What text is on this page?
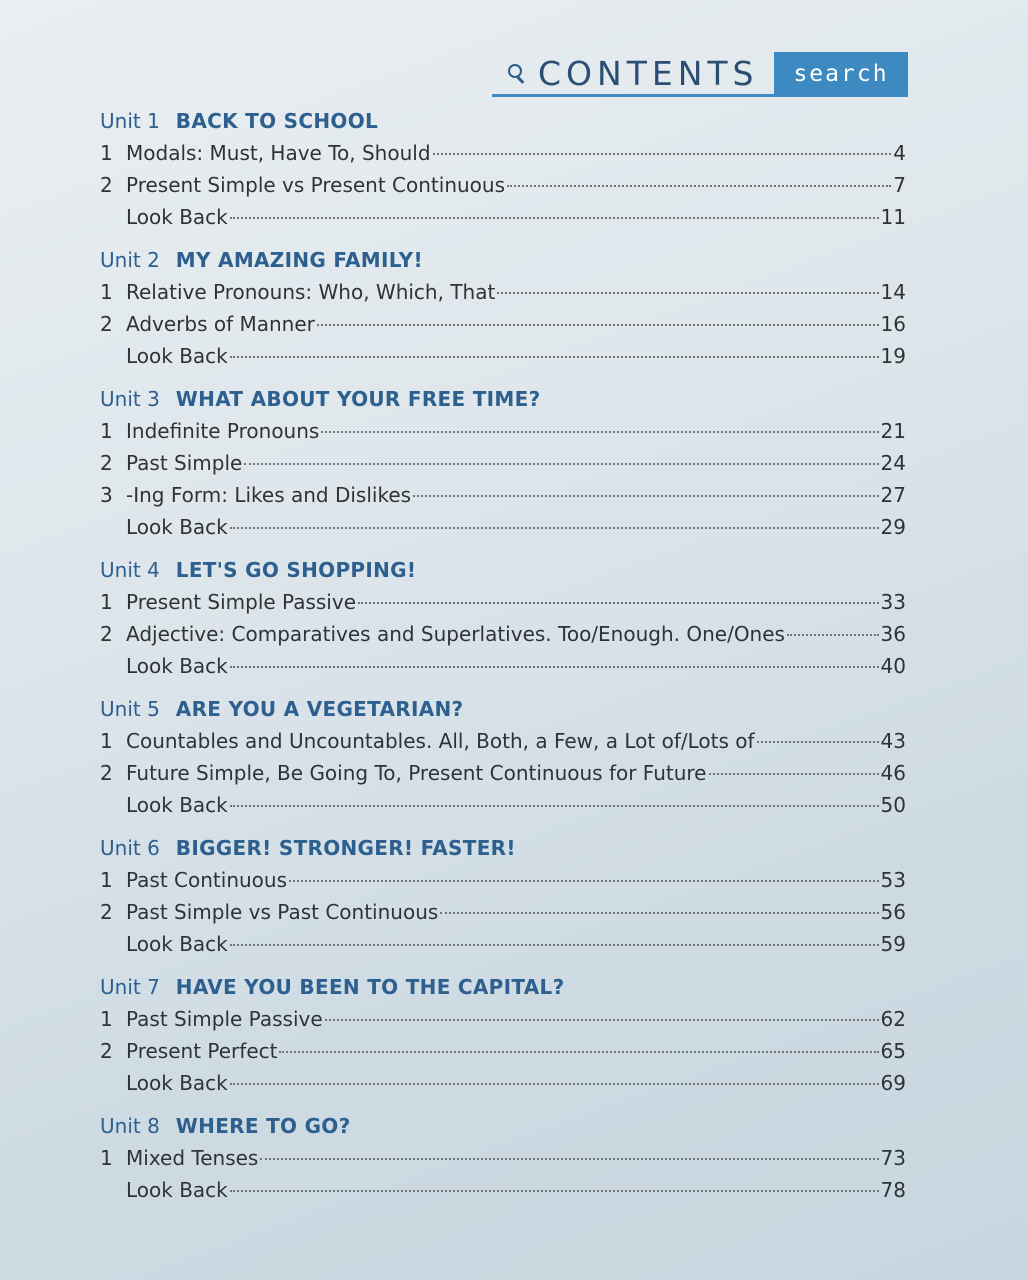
CONTENTS	search
Unit 1 BACK TO SCHOOL
1 Modals: Must, Have To, Should	4
2 Present Simple vs Present Continuous	7
Look Back	11
Unit 2 MY AMAZING FAMILY!
1 Relative Pronouns: Who, Which, That	14
2 Adverbs of Manner	16
Look Back	19
Unit 3 WHAT ABOUT YOUR FREE TIME?
1 Indefinite Pronouns	21
2 Past Simple	24
3 -Ing Form: Likes and Dislikes	27
Look Back	29
Unit 4 LET'S GO SHOPPING!
1 Present Simple Passive	33
2 Adjective: Comparatives and Superlatives. Too/Enough. One/Ones	36
Look Back	40
Unit 5 ARE YOU A VEGETARIAN?
1 Countables and Uncountables. All, Both, a Few, a Lot of/Lots of	43
2 Future Simple, Be Going To, Present Continuous for Future	46
Look Back	50
Unit 6 BIGGER! STRONGER! FASTER!
1 Past Continuous	53
2 Past Simple vs Past Continuous	56
Look Back	59
Unit 7 HAVE YOU BEEN TO THE CAPITAL?
1 Past Simple Passive	62
2 Present Perfect	65
Look Back	69
Unit 8 WHERE TO GO?
1 Mixed Tenses	73
Look Back	78
